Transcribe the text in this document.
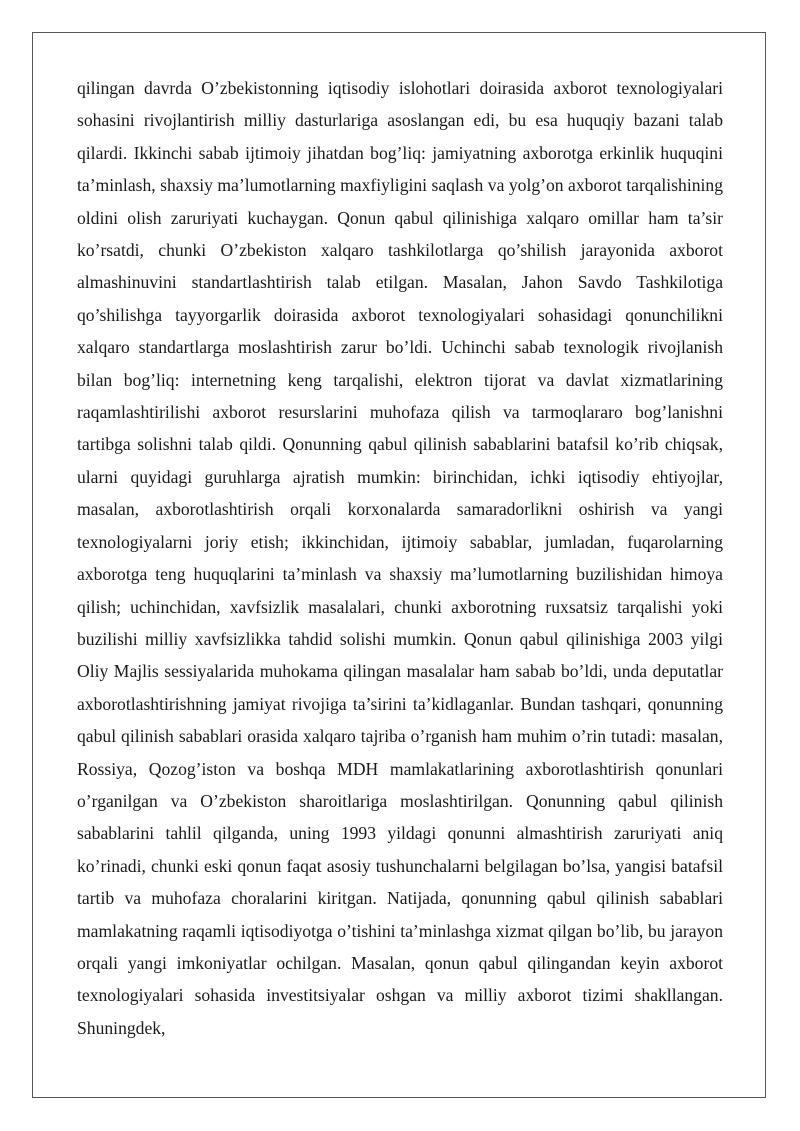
qilingan davrda O’zbekistonning iqtisodiy islohotlari doirasida axborot texnologiyalari sohasini rivojlantirish milliy dasturlariga asoslangan edi, bu esa huquqiy bazani talab qilardi. Ikkinchi sabab ijtimoiy jihatdan bog’liq: jamiyatning axborotga erkinlik huquqini ta’minlash, shaxsiy ma’lumotlarning maxfiyligini saqlash va yolg’on axborot tarqalishining oldini olish zaruriyati kuchaygan. Qonun qabul qilinishiga xalqaro omillar ham ta’sir ko’rsatdi, chunki O’zbekiston xalqaro tashkilotlarga qo’shilish jarayonida axborot almashinuvini standartlashtirish talab etilgan. Masalan, Jahon Savdo Tashkilotiga qo’shilishga tayyorgarlik doirasida axborot texnologiyalari sohasidagi qonunchilikni xalqaro standartlarga moslashtirish zarur bo’ldi. Uchinchi sabab texnologik rivojlanish bilan bog’liq: internetning keng tarqalishi, elektron tijorat va davlat xizmatlarining raqamlashtirilishi axborot resurslarini muhofaza qilish va tarmoqlararo bog’lanishni tartibga solishni talab qildi. Qonunning qabul qilinish sabablarini batafsil ko’rib chiqsak, ularni quyidagi guruhlarga ajratish mumkin: birinchidan, ichki iqtisodiy ehtiyojlar, masalan, axborotlashtirish orqali korxonalarda samaradorlikni oshirish va yangi texnologiyalarni joriy etish; ikkinchidan, ijtimoiy sabablar, jumladan, fuqarolarning axborotga teng huquqlarini ta’minlash va shaxsiy ma’lumotlarning buzilishidan himoya qilish; uchinchidan, xavfsizlik masalalari, chunki axborotning ruxsatsiz tarqalishi yoki buzilishi milliy xavfsizlikka tahdid solishi mumkin. Qonun qabul qilinishiga 2003 yilgi Oliy Majlis sessiyalarida muhokama qilingan masalalar ham sabab bo’ldi, unda deputatlar axborotlashtirishning jamiyat rivojiga ta’sirini ta’kidlaganlar. Bundan tashqari, qonunning qabul qilinish sabablari orasida xalqaro tajriba o’rganish ham muhim o’rin tutadi: masalan, Rossiya, Qozog’iston va boshqa MDH mamlakatlarining axborotlashtirish qonunlari o’rganilgan va O’zbekiston sharoitlariga moslashtirilgan. Qonunning qabul qilinish sabablarini tahlil qilganda, uning 1993 yildagi qonunni almashtirish zaruriyati aniq ko’rinadi, chunki eski qonun faqat asosiy tushunchalarni belgilagan bo’lsa, yangisi batafsil tartib va muhofaza choralarini kiritgan. Natijada, qonunning qabul qilinish sabablari mamlakatning raqamli iqtisodiyotga o’tishini ta’minlashga xizmat qilgan bo’lib, bu jarayon orqali yangi imkoniyatlar ochilgan. Masalan, qonun qabul qilingandan keyin axborot texnologiyalari sohasida investitsiyalar oshgan va milliy axborot tizimi shakllangan. Shuningdek,
